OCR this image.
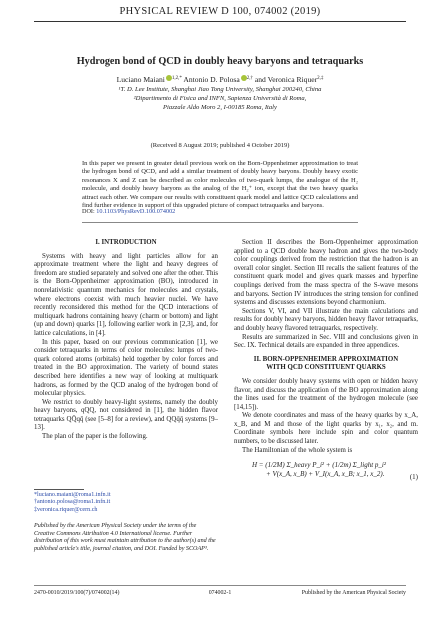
PHYSICAL REVIEW D 100, 074002 (2019)
Hydrogen bond of QCD in doubly heavy baryons and tetraquarks
Luciano Maiani $^{1,2,*}$ Antonio D. Polosa $^{2,\dagger}$ and Veronica Riquer$^{2,\ddagger}$
¹T. D. Lee Institute, Shanghai Jiao Tong University, Shanghai 200240, China
²Dipartimento di Fisica and INFN, Sapienza Università di Roma,
Piazzale Aldo Moro 2, I-00185 Roma, Italy
(Received 8 August 2019; published 4 October 2019)
In this paper we present in greater detail previous work on the Born-Oppenheimer approximation to treat the hydrogen bond of QCD, and add a similar treatment of doubly heavy baryons. Doubly heavy exotic resonances X and Z can be described as color molecules of two-quark lumps, the analogue of the H₂ molecule, and doubly heavy baryons as the analog of the H₂⁺ ion, except that the two heavy quarks attract each other. We compare our results with constituent quark model and lattice QCD calculations and find further evidence in support of this upgraded picture of compact tetraquarks and baryons.
DOI: 10.1103/PhysRevD.100.074002
I. INTRODUCTION

Systems with heavy and light particles allow for an approximate treatment where the light and heavy degrees of freedom are studied separately and solved one after the other. This is the Born-Oppenheimer approximation (BO), introduced in nonrelativistic quantum mechanics for molecules and crystals, where electrons coexist with much heavier nuclei. We have recently reconsidered this method for the QCD interactions of multiquark hadrons containing heavy (charm or bottom) and light (up and down) quarks [1], following earlier work in [2,3], and, for lattice calculations, in [4].

In this paper, based on our previous communication [1], we consider tetraquarks in terms of color molecules: lumps of two-quark colored atoms (orbitals) held together by color forces and treated in the BO approximation. The variety of bound states described here identifies a new way of looking at multiquark hadrons, as formed by the QCD analog of the hydrogen bond of molecular physics.

We restrict to doubly heavy-light systems, namely the doubly heavy baryons, qQQ, not considered in [1], the hidden flavor tetraquarks QQ̄qq̄ (see [5–8] for a review), and QQq̄q̄ systems [9–13].

The plan of the paper is the following.

*luciano.maiani@roma1.infn.it
†antonio.polosa@roma1.infn.it
‡veronica.riquer@cern.ch
Published by the American Physical Society under the terms of the Creative Commons Attribution 4.0 International license. Further distribution of this work must maintain attribution to the author(s) and the published article's title, journal citation, and DOI. Funded by SCOAP³.

Section II describes the Born-Oppenheimer approximation applied to a QCD double heavy hadron and gives the two-body color couplings derived from the restriction that the hadron is an overall color singlet. Section III recalls the salient features of the constituent quark model and gives quark masses and hyperfine couplings derived from the mass spectra of the S-wave mesons and baryons. Section IV introduces the string tension for confined systems and discusses extensions beyond charmonium.

Sections V, VI, and VII illustrate the main calculations and results for doubly heavy baryons, hidden heavy flavor tetraquarks, and doubly heavy flavored tetraquarks, respectively.

Results are summarized in Sec. VIII and conclusions given in Sec. IX. Technical details are expanded in three appendices.

II. BORN-OPPENHEIMER APPROXIMATION
WITH QCD CONSTITUENT QUARKS

We consider doubly heavy systems with open or hidden heavy flavor, and discuss the application of the BO approximation along the lines used for the treatment of the hydrogen molecule (see [14,15]).

We denote coordinates and mass of the heavy quarks by x_A, x_B, and M and those of the light quarks by x₁, x₂, and m. Coordinate symbols here include spin and color quantum numbers, to be discussed later.

The Hamiltonian of the whole system is

H = (1/2M) Σ_heavy P_i² + (1/2m) Σ_light p_i²
+ V(x_A, x_B) + V_I(x_A, x_B; x_1, x_2).	(1)
2470-0010/2019/100(7)/074002(14)	074002-1	Published by the American Physical Society
